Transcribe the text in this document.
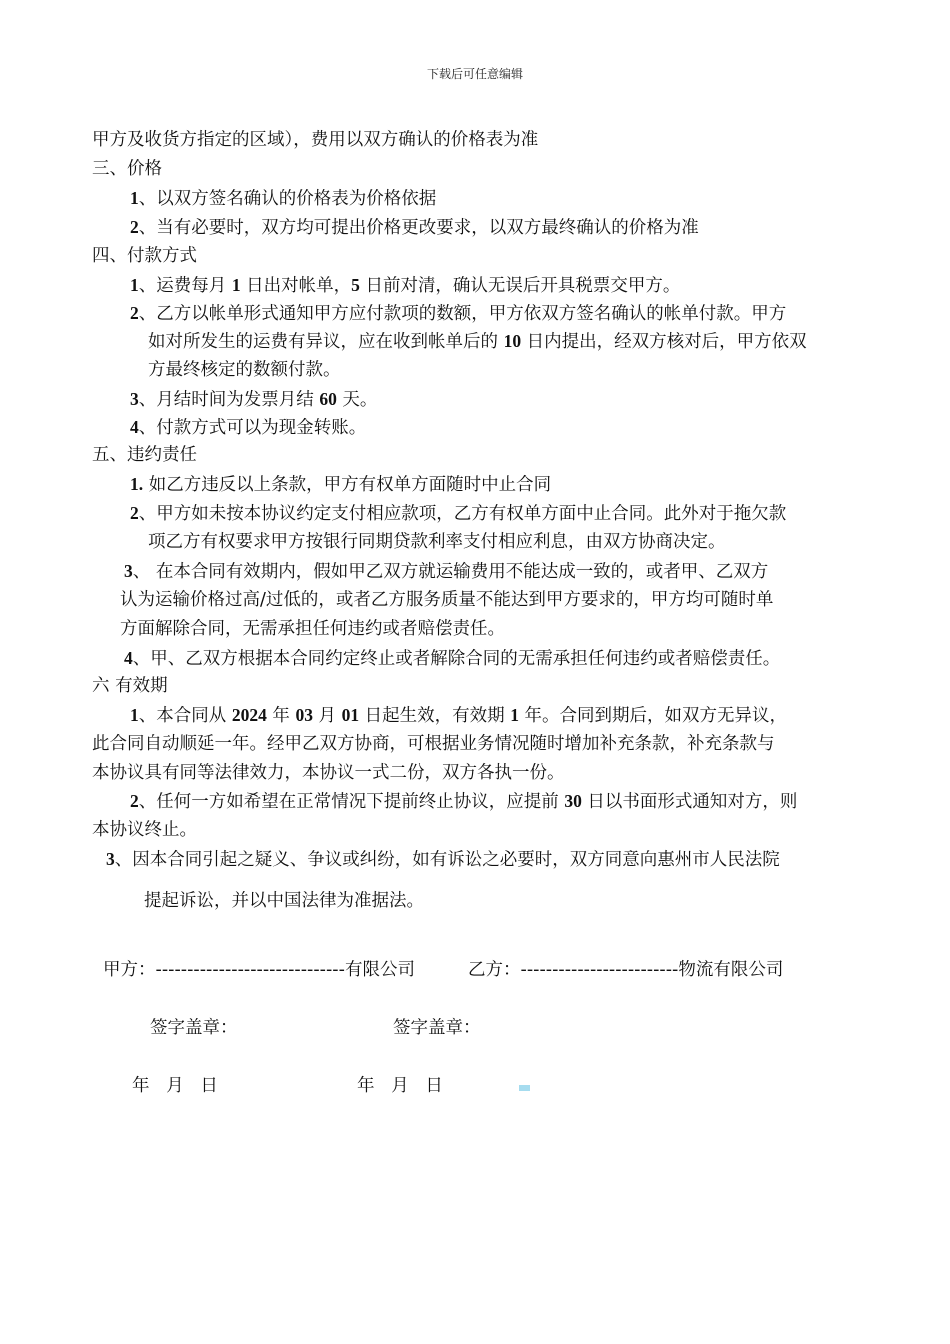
下载后可任意编辑
甲方及收货方指定的区域），费用以双方确认的价格表为准
三、价格
1、以双方签名确认的价格表为价格依据
2、当有必要时，双方均可提出价格更改要求，以双方最终确认的价格为准
四、付款方式
1、运费每月 1 日出对帐单，5 日前对清，确认无误后开具税票交甲方。
2、乙方以帐单形式通知甲方应付款项的数额，甲方依双方签名确认的帐单付款。甲方
如对所发生的运费有异议，应在收到帐单后的 10 日内提出，经双方核对后，甲方依双
方最终核定的数额付款。
3、月结时间为发票月结 60 天。
4、付款方式可以为现金转账。
五、违约责任
1. 如乙方违反以上条款，甲方有权单方面随时中止合同
2、甲方如未按本协议约定支付相应款项，乙方有权单方面中止合同。此外对于拖欠款
项乙方有权要求甲方按银行同期贷款利率支付相应利息，由双方协商决定。
3、 在本合同有效期内，假如甲乙双方就运输费用不能达成一致的，或者甲、乙双方
认为运输价格过高/过低的，或者乙方服务质量不能达到甲方要求的，甲方均可随时单
方面解除合同，无需承担任何违约或者赔偿责任。
4、甲、乙双方根据本合同约定终止或者解除合同的无需承担任何违约或者赔偿责任。
六 有效期
1、本合同从 2024 年 03 月 01 日起生效，有效期 1 年。合同到期后，如双方无异议，
此合同自动顺延一年。经甲乙双方协商，可根据业务情况随时增加补充条款，补充条款与
本协议具有同等法律效力，本协议一式二份，双方各执一份。
2、任何一方如希望在正常情况下提前终止协议，应提前 30 日以书面形式通知对方，则
本协议终止。
3、因本合同引起之疑义、争议或纠纷，如有诉讼之必要时，双方同意向惠州市人民法院
提起诉讼，并以中国法律为准据法。
甲方：------------------------------有限公司	乙方：-------------------------物流有限公司
签字盖章：	签字盖章：
年   月   日	年   月   日
